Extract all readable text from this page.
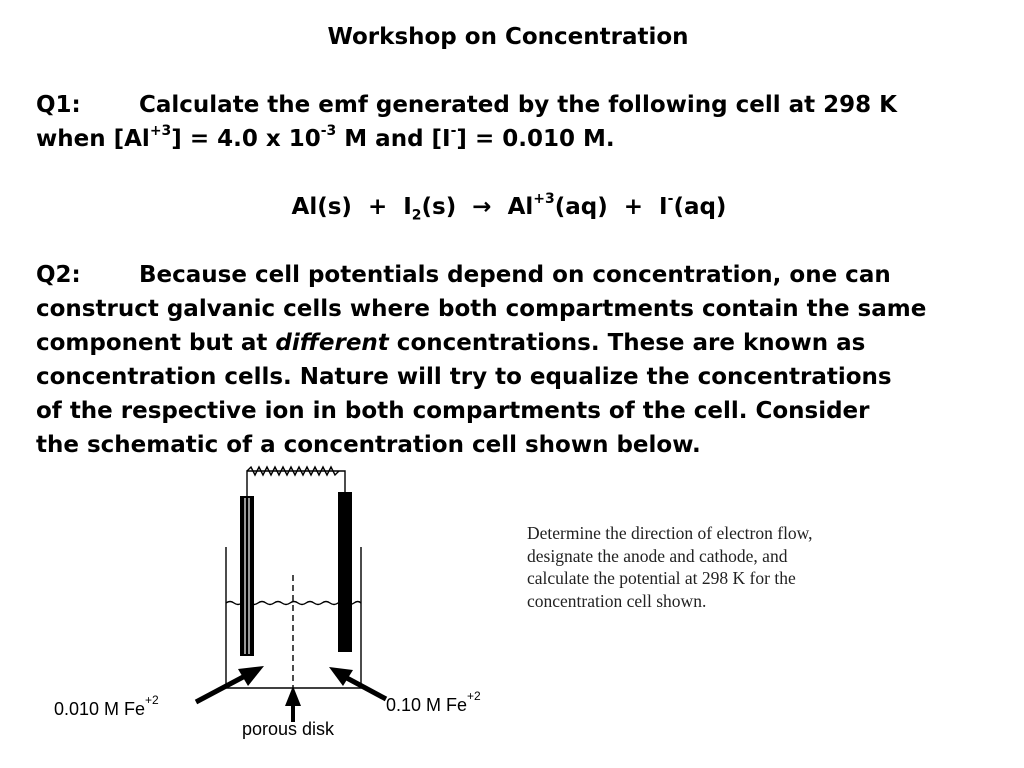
Workshop on Concentration
Q1:	Calculate the emf generated by the following cell at 298 K
when $[Al^{+3}] = 4.0$ x $10^{-3}$ M and [I-] = 0.010 M.
$Al(s) + I_2(s) \to Al^{+3}(aq) + I^-(aq)$
Q2:	Because cell potentials depend on concentration, one can
construct galvanic cells where both compartments contain the same
component but at different concentrations. These are known as
concentration cells. Nature will try to equalize the concentrations
of the respective ion in both compartments of the cell. Consider
the schematic of a concentration cell shown below.
Determine the direction of electron flow,
designate the anode and cathode, and
calculate the potential at 298 K for the
concentration cell shown.
0.010 M $Fe^{+2}$	0.10 M $Fe^{+2}$
porous disk
